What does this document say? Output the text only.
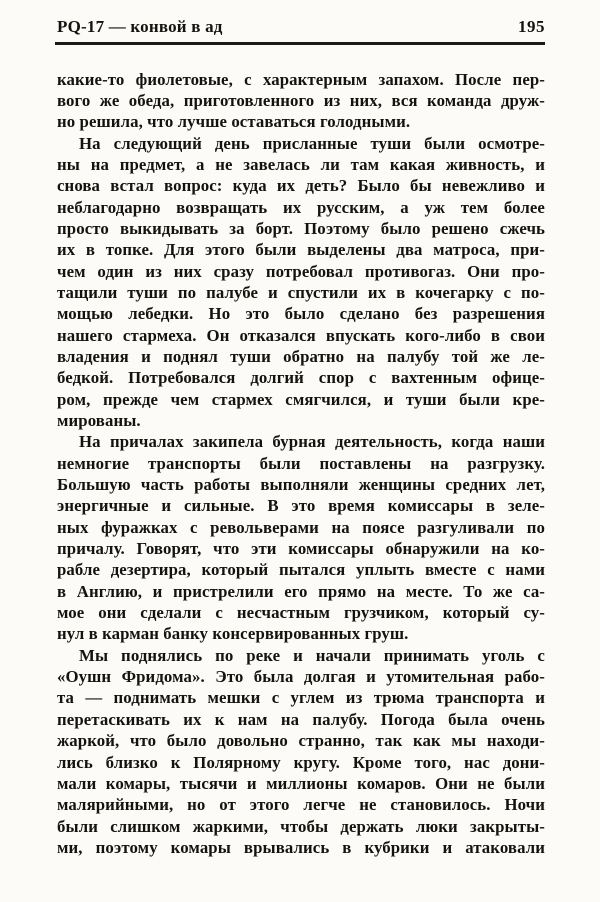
PQ-17 — конвой в ад	195
какие-то фиолетовые, с характерным запахом. После пер-
вого же обеда, приготовленного из них, вся команда друж-
но решила, что лучше оставаться голодными.
На следующий день присланные туши были осмотре-
ны на предмет, а не завелась ли там какая живность, и
снова встал вопрос: куда их деть? Было бы невежливо и
неблагодарно возвращать их русским, а уж тем более
просто выкидывать за борт. Поэтому было решено сжечь
их в топке. Для этого были выделены два матроса, при-
чем один из них сразу потребовал противогаз. Они про-
тащили туши по палубе и спустили их в кочегарку с по-
мощью лебедки. Но это было сделано без разрешения
нашего стармеха. Он отказался впускать кого-либо в свои
владения и поднял туши обратно на палубу той же ле-
бедкой. Потребовался долгий спор с вахтенным офице-
ром, прежде чем стармех смягчился, и туши были кре-
мированы.
На причалах закипела бурная деятельность, когда наши
немногие транспорты были поставлены на разгрузку.
Большую часть работы выполняли женщины средних лет,
энергичные и сильные. В это время комиссары в зеле-
ных фуражках с револьверами на поясе разгуливали по
причалу. Говорят, что эти комиссары обнаружили на ко-
рабле дезертира, который пытался уплыть вместе с нами
в Англию, и пристрелили его прямо на месте. То же са-
мое они сделали с несчастным грузчиком, который су-
нул в карман банку консервированных груш.
Мы поднялись по реке и начали принимать уголь с
«Оушн Фридома». Это была долгая и утомительная рабо-
та — поднимать мешки с углем из трюма транспорта и
перетаскивать их к нам на палубу. Погода была очень
жаркой, что было довольно странно, так как мы находи-
лись близко к Полярному кругу. Кроме того, нас дони-
мали комары, тысячи и миллионы комаров. Они не были
малярийными, но от этого легче не становилось. Ночи
были слишком жаркими, чтобы держать люки закрыты-
ми, поэтому комары врывались в кубрики и атаковали
